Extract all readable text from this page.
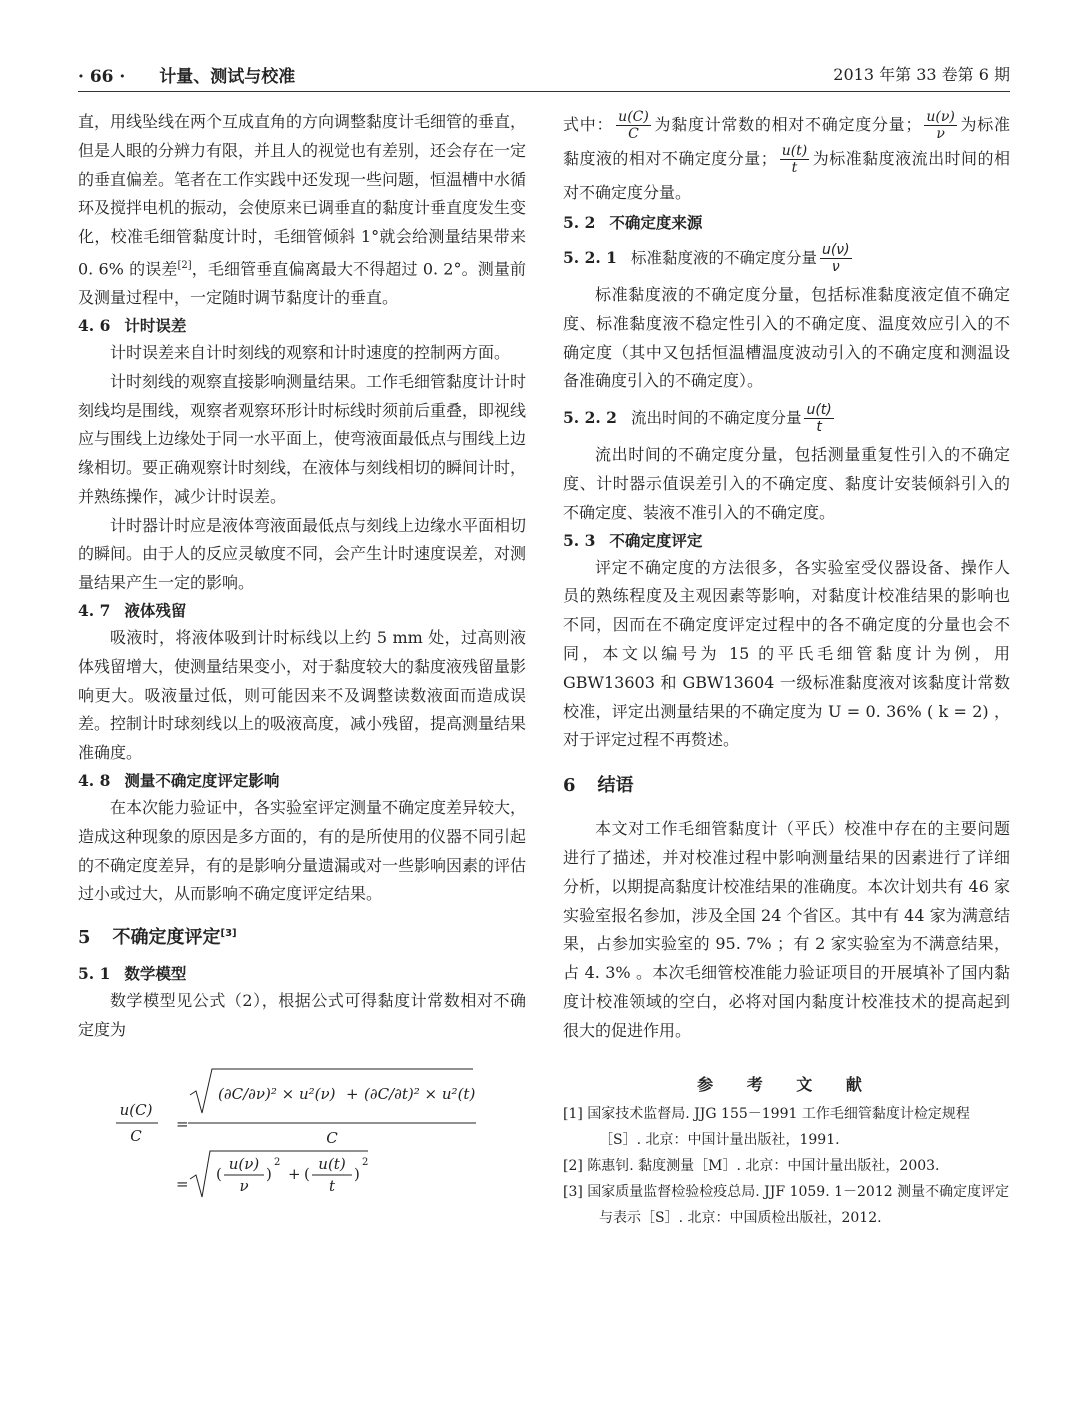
· 66 · 计量、测试与校准	2013 年第 33 卷第 6 期

直，用线坠线在两个互成直角的方向调整黏度计毛细管的垂直，但是人眼的分辨力有限，并且人的视觉也有差别，还会存在一定的垂直偏差。笔者在工作实践中还发现一些问题，恒温槽中水循环及搅拌电机的振动，会使原来已调垂直的黏度计垂直度发生变化，校准毛细管黏度计时，毛细管倾斜 1°就会给测量结果带来 0. 6% 的误差[2]，毛细管垂直偏离最大不得超过 0. 2°。测量前及测量过程中，一定随时调节黏度计的垂直。

4. 6 计时误差

计时误差来自计时刻线的观察和计时速度的控制两方面。

计时刻线的观察直接影响测量结果。工作毛细管黏度计计时刻线均是围线，观察者观察环形计时标线时须前后重叠，即视线应与围线上边缘处于同一水平面上，使弯液面最低点与围线上边缘相切。要正确观察计时刻线，在液体与刻线相切的瞬间计时，并熟练操作，减少计时误差。

计时器计时应是液体弯液面最低点与刻线上边缘水平面相切的瞬间。由于人的反应灵敏度不同，会产生计时速度误差，对测量结果产生一定的影响。

4. 7 液体残留

吸液时，将液体吸到计时标线以上约 5 mm 处，过高则液体残留增大，使测量结果变小，对于黏度较大的黏度液残留量影响更大。吸液量过低，则可能因来不及调整读数液面而造成误差。控制计时球刻线以上的吸液高度，减小残留，提高测量结果准确度。

4. 8 测量不确定度评定影响

在本次能力验证中，各实验室评定测量不确定度差异较大，造成这种现象的原因是多方面的，有的是所使用的仪器不同引起的不确定度差异，有的是影响分量遗漏或对一些影响因素的评估过小或过大，从而影响不确定度评定结果。

5 不确定度评定[3]
5. 1 数学模型

数学模型见公式（2），根据公式可得黏度计常数相对不确定度为

u(C)
C
=
(∂C/∂ν)² × u²(ν) + (∂C/∂t)² × u²(t)
C
=
u(ν)
ν
(	)
2
+
u(t)
t
(	)
2

式中： $\frac{u(C)}{C}$ 为黏度计常数的相对不确定度分量； $\frac{u(\nu)}{\nu}$ 为标准黏度液的相对不确定度分量； $\frac{u(t)}{t}$ 为标准黏度液流出时间的相对不确定度分量。

5. 2 不确定度来源
5. 2. 1 标准黏度液的不确定度分量 $\frac{u(\nu)}{\nu}$

标准黏度液的不确定度分量，包括标准黏度液定值不确定度、标准黏度液不稳定性引入的不确定度、温度效应引入的不确定度（其中又包括恒温槽温度波动引入的不确定度和测温设备准确度引入的不确定度）。

5. 2. 2 流出时间的不确定度分量 $\frac{u(t)}{t}$

流出时间的不确定度分量，包括测量重复性引入的不确定度、计时器示值误差引入的不确定度、黏度计安装倾斜引入的不确定度、装液不准引入的不确定度。

5. 3 不确定度评定

评定不确定度的方法很多，各实验室受仪器设备、操作人员的熟练程度及主观因素等影响，对黏度计校准结果的影响也不同，因而在不确定度评定过程中的各不确定度的分量也会不同，本文以编号为 15 的平氏毛细管黏度计为例，用 GBW13603 和 GBW13604 一级标准黏度液对该黏度计常数校准，评定出测量结果的不确定度为 U = 0. 36% ( k = 2) ，对于评定过程不再赘述。

6 结语

本文对工作毛细管黏度计（平氏）校准中存在的主要问题进行了描述，并对校准过程中影响测量结果的因素进行了详细分析，以期提高黏度计校准结果的准确度。本次计划共有 46 家实验室报名参加，涉及全国 24 个省区。其中有 44 家为满意结果，占参加实验室的 95. 7% ；有 2 家实验室为不满意结果，占 4. 3% 。本次毛细管校准能力验证项目的开展填补了国内黏度计校准领域的空白，必将对国内黏度计校准技术的提高起到很大的促进作用。

参 考 文 献

[1] 国家技术监督局. JJG 155－1991 工作毛细管黏度计检定规程［S］. 北京：中国计量出版社，1991.

[2] 陈惠钊. 黏度测量［M］. 北京：中国计量出版社，2003.

[3] 国家质量监督检验检疫总局. JJF 1059. 1－2012 测量不确定度评定与表示［S］. 北京：中国质检出版社，2012.
